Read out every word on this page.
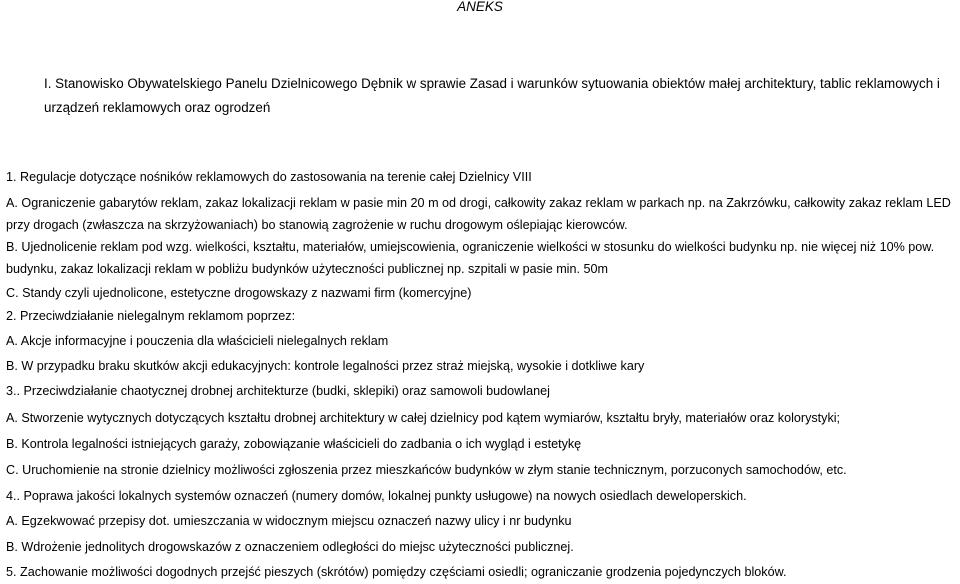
ANEKS
I. Stanowisko Obywatelskiego Panelu Dzielnicowego Dębnik w sprawie Zasad i warunków sytuowania obiektów małej architektury, tablic reklamowych i urządzeń reklamowych oraz ogrodzeń
1. Regulacje dotyczące nośników reklamowych do zastosowania na terenie całej Dzielnicy VIII
A. Ograniczenie gabarytów reklam, zakaz lokalizacji reklam w pasie min 20 m od drogi, całkowity zakaz reklam w parkach np. na Zakrzówku, całkowity zakaz reklam LED przy drogach (zwłaszcza na skrzyżowaniach) bo stanowią zagrożenie w ruchu drogowym oślepiając kierowców.
B. Ujednolicenie reklam pod wzg. wielkości, kształtu, materiałów, umiejscowienia, ograniczenie wielkości w stosunku do wielkości budynku np. nie więcej niż 10% pow. budynku, zakaz lokalizacji reklam w pobliżu budynków użyteczności publicznej np. szpitali w pasie min. 50m
C. Standy czyli ujednolicone, estetyczne drogowskazy z nazwami firm (komercyjne)
2. Przeciwdziałanie nielegalnym reklamom poprzez:
A. Akcje informacyjne i pouczenia dla właścicieli nielegalnych reklam
B. W przypadku braku skutków akcji edukacyjnych: kontrole legalności przez straż miejską, wysokie i dotkliwe kary
3.. Przeciwdziałanie chaotycznej drobnej architekturze (budki, sklepiki) oraz samowoli budowlanej
A. Stworzenie wytycznych dotyczących kształtu drobnej architektury w całej dzielnicy pod kątem wymiarów, kształtu bryły, materiałów oraz kolorystyki;
B. Kontrola legalności istniejących garaży, zobowiązanie właścicieli do zadbania o ich wygląd i estetykę
C. Uruchomienie na stronie dzielnicy możliwości zgłoszenia przez mieszkańców budynków w złym stanie technicznym, porzuconych samochodów, etc.
4.. Poprawa jakości lokalnych systemów oznaczeń (numery domów, lokalnej punkty usługowe) na nowych osiedlach deweloperskich.
A. Egzekwować przepisy dot. umieszczania w widocznym miejscu oznaczeń nazwy ulicy i nr budynku
B. Wdrożenie jednolitych drogowskazów z oznaczeniem odległości do miejsc użyteczności publicznej.
5. Zachowanie możliwości dogodnych przejść pieszych (skrótów) pomiędzy częściami osiedli; ograniczanie grodzenia pojedynczych bloków.
